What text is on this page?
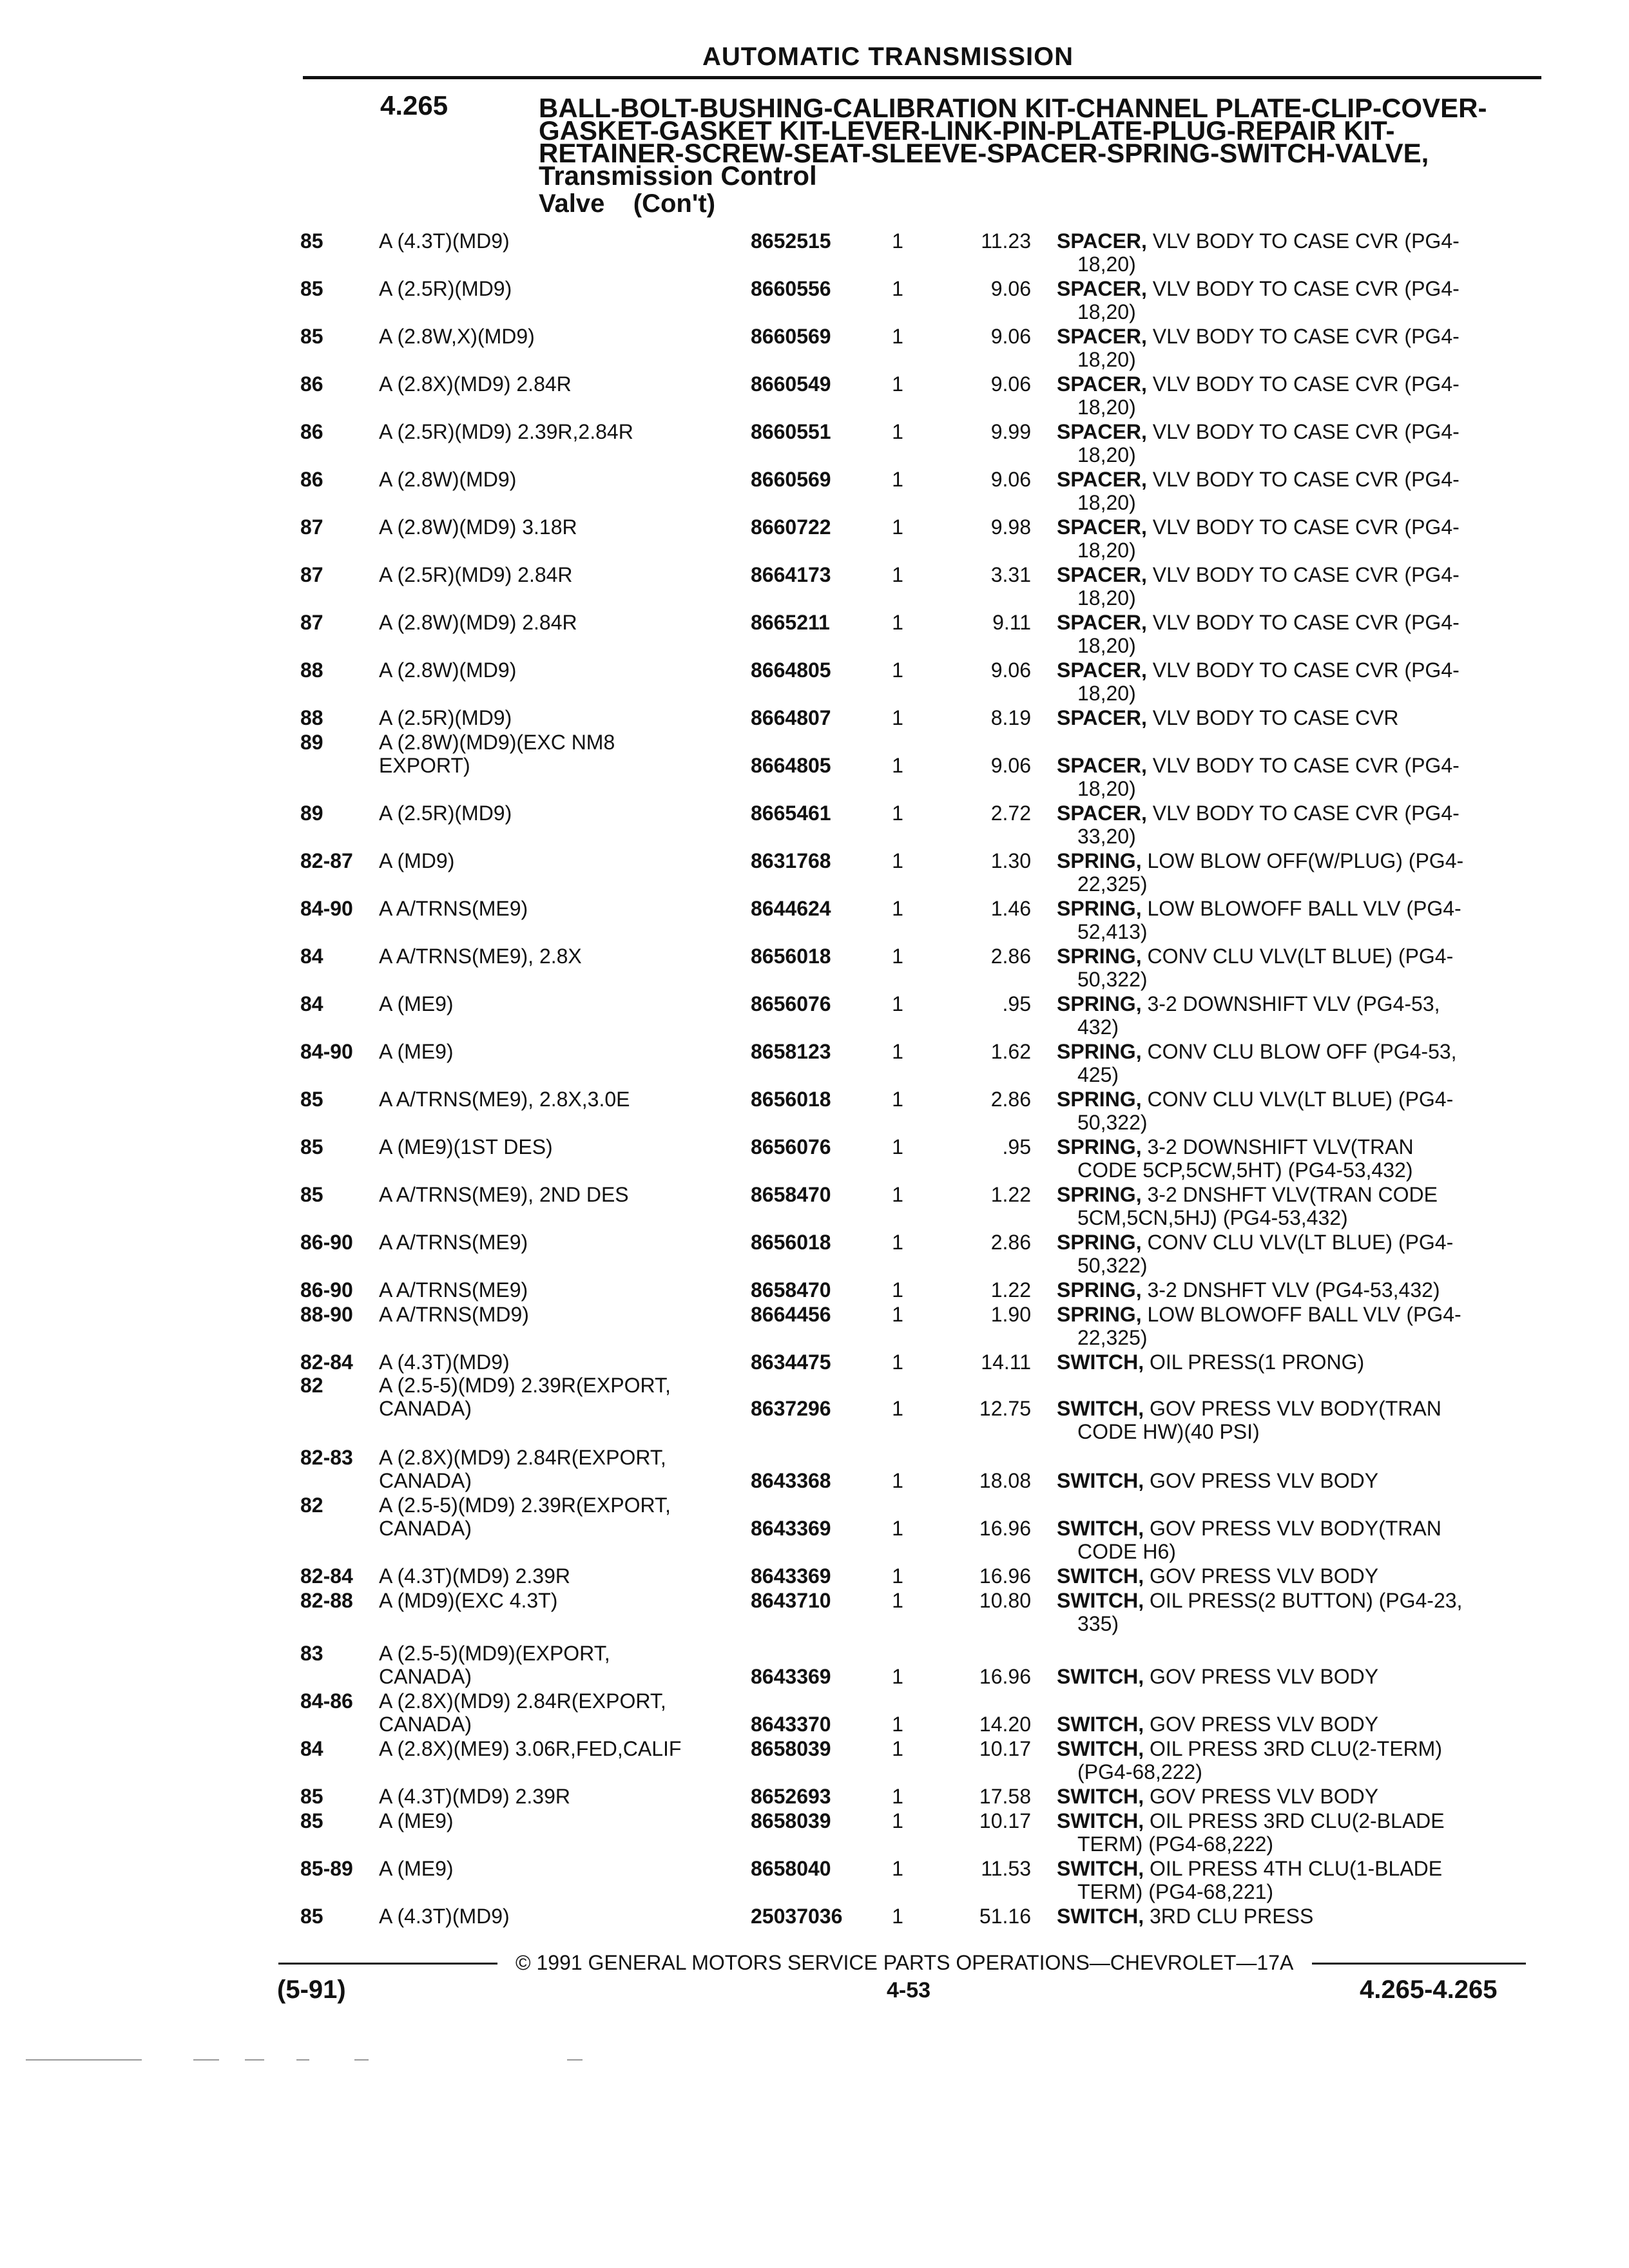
AUTOMATIC TRANSMISSION
4.265	BALL-BOLT-BUSHING-CALIBRATION KIT-CHANNEL PLATE-CLIP-COVER-GASKET-GASKET KIT-LEVER-LINK-PIN-PLATE-PLUG-REPAIR KIT-RETAINER-SCREW-SEAT-SLEEVE-SPACER-SPRING-SWITCH-VALVE, Transmission Control
Valve (Con't)
85	A (4.3T)(MD9)	8652515	1	11.23 SPACER, VLV BODY TO CASE CVR (PG4-
18,20)
85	A (2.5R)(MD9)	8660556	1	9.06 SPACER, VLV BODY TO CASE CVR (PG4-
18,20)
85	A (2.8W,X)(MD9)	8660569	1	9.06 SPACER, VLV BODY TO CASE CVR (PG4-
18,20)
86	A (2.8X)(MD9) 2.84R	8660549	1	9.06 SPACER, VLV BODY TO CASE CVR (PG4-
18,20)
86	A (2.5R)(MD9) 2.39R,2.84R	8660551	1	9.99 SPACER, VLV BODY TO CASE CVR (PG4-
18,20)
86	A (2.8W)(MD9)	8660569	1	9.06 SPACER, VLV BODY TO CASE CVR (PG4-
18,20)
87	A (2.8W)(MD9) 3.18R	8660722	1	9.98 SPACER, VLV BODY TO CASE CVR (PG4-
18,20)
87	A (2.5R)(MD9) 2.84R	8664173	1	3.31 SPACER, VLV BODY TO CASE CVR (PG4-
18,20)
87	A (2.8W)(MD9) 2.84R	8665211	1	9.11 SPACER, VLV BODY TO CASE CVR (PG4-
18,20)
88	A (2.8W)(MD9)	8664805	1	9.06 SPACER, VLV BODY TO CASE CVR (PG4-
18,20)
88	A (2.5R)(MD9)	8664807	1	8.19 SPACER, VLV BODY TO CASE CVR
89	A (2.8W)(MD9)(EXC NM8
EXPORT)	8664805	1	9.06 SPACER, VLV BODY TO CASE CVR (PG4-
18,20)
89	A (2.5R)(MD9)	8665461	1	2.72 SPACER, VLV BODY TO CASE CVR (PG4-
33,20)
82-87	A (MD9)	8631768	1	1.30 SPRING, LOW BLOW OFF(W/PLUG) (PG4-
22,325)
84-90	A A/TRNS(ME9)	8644624	1	1.46 SPRING, LOW BLOWOFF BALL VLV (PG4-
52,413)
84	A A/TRNS(ME9), 2.8X	8656018	1	2.86 SPRING, CONV CLU VLV(LT BLUE) (PG4-
50,322)
84	A (ME9)	8656076	1	.95 SPRING, 3-2 DOWNSHIFT VLV (PG4-53,
432)
84-90	A (ME9)	8658123	1	1.62 SPRING, CONV CLU BLOW OFF (PG4-53,
425)
85	A A/TRNS(ME9), 2.8X,3.0E	8656018	1	2.86 SPRING, CONV CLU VLV(LT BLUE) (PG4-
50,322)
85	A (ME9)(1ST DES)	8656076	1	.95 SPRING, 3-2 DOWNSHIFT VLV(TRAN
CODE 5CP,5CW,5HT) (PG4-53,432)
85	A A/TRNS(ME9), 2ND DES	8658470	1	1.22 SPRING, 3-2 DNSHFT VLV(TRAN CODE
5CM,5CN,5HJ) (PG4-53,432)
86-90	A A/TRNS(ME9)	8656018	1	2.86 SPRING, CONV CLU VLV(LT BLUE) (PG4-
50,322)
86-90	A A/TRNS(ME9)	8658470	1	1.22 SPRING, 3-2 DNSHFT VLV (PG4-53,432)
88-90	A A/TRNS(MD9)	8664456	1	1.90 SPRING, LOW BLOWOFF BALL VLV (PG4-
22,325)
82-84	A (4.3T)(MD9)	8634475	1	14.11 SWITCH, OIL PRESS(1 PRONG)
82	A (2.5-5)(MD9) 2.39R(EXPORT,
CANADA)	8637296	1	12.75 SWITCH, GOV PRESS VLV BODY(TRAN
CODE HW)(40 PSI)
82-83	A (2.8X)(MD9) 2.84R(EXPORT,
CANADA)	8643368	1	18.08 SWITCH, GOV PRESS VLV BODY
82	A (2.5-5)(MD9) 2.39R(EXPORT,
CANADA)	8643369	1	16.96 SWITCH, GOV PRESS VLV BODY(TRAN
CODE H6)
82-84	A (4.3T)(MD9) 2.39R	8643369	1	16.96 SWITCH, GOV PRESS VLV BODY
82-88	A (MD9)(EXC 4.3T)	8643710	1	10.80 SWITCH, OIL PRESS(2 BUTTON) (PG4-23,
335)
83	A (2.5-5)(MD9)(EXPORT,
CANADA)	8643369	1	16.96 SWITCH, GOV PRESS VLV BODY
84-86	A (2.8X)(MD9) 2.84R(EXPORT,
CANADA)	8643370	1	14.20 SWITCH, GOV PRESS VLV BODY
84	A (2.8X)(ME9) 3.06R,FED,CALIF	8658039	1	10.17 SWITCH, OIL PRESS 3RD CLU(2-TERM)
(PG4-68,222)
85	A (4.3T)(MD9) 2.39R	8652693	1	17.58 SWITCH, GOV PRESS VLV BODY
85	A (ME9)	8658039	1	10.17 SWITCH, OIL PRESS 3RD CLU(2-BLADE
TERM) (PG4-68,222)
85-89	A (ME9)	8658040	1	11.53 SWITCH, OIL PRESS 4TH CLU(1-BLADE
TERM) (PG4-68,221)
85	A (4.3T)(MD9)	25037036	1	51.16 SWITCH, 3RD CLU PRESS
© 1991 GENERAL MOTORS SERVICE PARTS OPERATIONS—CHEVROLET—17A
(5-91)	4-53	4.265-4.265
